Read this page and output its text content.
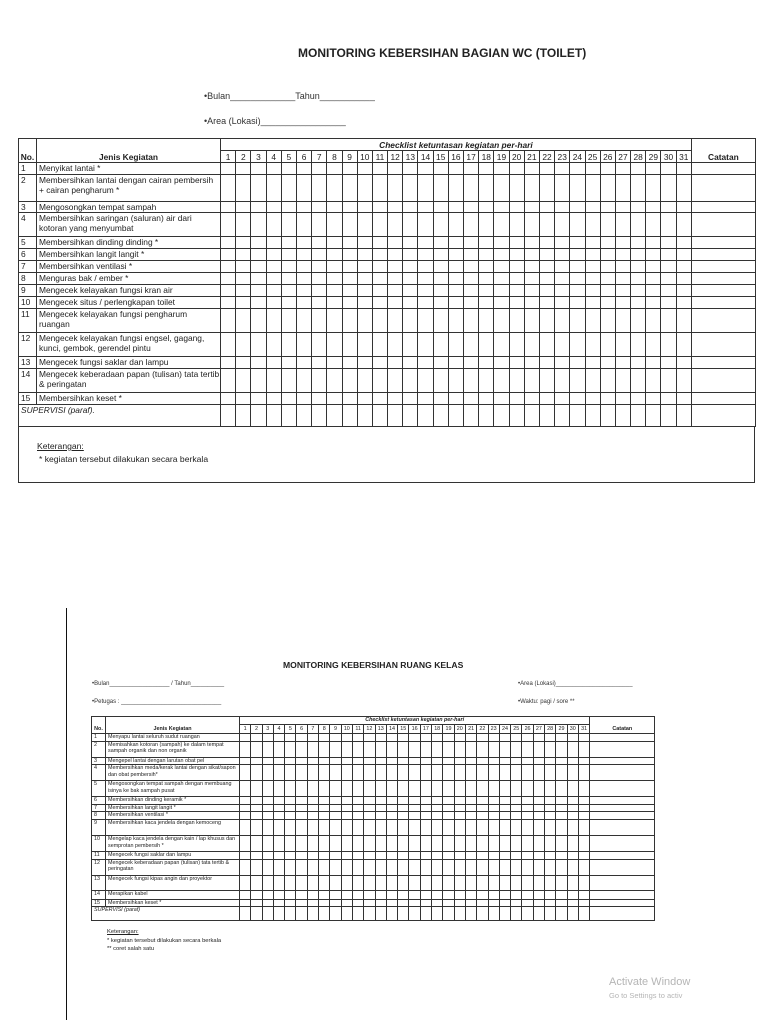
MONITORING KEBERSIHAN BAGIAN WC (TOILET)
•Bulan_____________Tahun___________
•Area (Lokasi)_________________
No.	Jenis Kegiatan	Checklist ketuntasan kegiatan per-hari																															Catatan
		1	2	3	4	5	6	7	8	9	10	11	12	13	14	15	16	17	18	19	20	21	22	23	24	25	26	27	28	29	30	31	
1	Menyikat lantai *																																
2	Membersihkan lantai dengan cairan pembersih + cairan pengharum *																																
3	Mengosongkan tempat sampah																																
4	Membersihkan saringan (saluran) air dari kotoran yang menyumbat																																
5	Membersihkan dinding dinding *																																
6	Membersihkan langit langit *																																
7	Membersihkan ventilasi *																																
8	Menguras bak / ember *																																
9	Mengecek kelayakan fungsi kran air																																
10	Mengecek situs / perlengkapan toilet																																
11	Mengecek kelayakan fungsi pengharum ruangan																																
12	Mengecek kelayakan fungsi engsel, gagang, kunci, gembok, gerendel pintu																																
13	Mengecek fungsi saklar dan lampu																																
14	Mengecek keberadaan papan (tulisan) tata tertib & peringatan																																
15	Membersihkan keset *																																
SUPERVISI (paraf).																																	
Keterangan:
* kegiatan tersebut dilakukan secara berkala
MONITORING KEBERSIHAN RUANG KELAS
•Bulan__________________ / Tahun__________
•Petugas : ______________________________
•Area (Lokasi)_______________________
•Waktu: pagi / sore **
No.	Jenis Kegiatan	Checklist ketuntasan kegiatan per-hari																															Catatan
		1	2	3	4	5	6	7	8	9	10	11	12	13	14	15	16	17	18	19	20	21	22	23	24	25	26	27	28	29	30	31	
1	Menyapu lantai seluruh sudut ruangan																																
2	Memisahkan kotoran (sampah) ke dalam tempat sampah organik dan non organik																																
3	Mengepel lantai dengan larutan obat pel																																
4	Membersihkan meda/kerak lantai dengan sikat/sapon dan obat pembersih*																																
5	Mengosongkan tempat sampah dengan membuang isinya ke bak sampah pusat																																
6	Membersihkan dinding keramik *																																
7	Membersihkan langit langit *																																
8	Membersihkan ventilasi *																																
9	Membersihkan kaca jendela dengan kemoceng																																
10	Mengelap kaca jendela dengan kain / lap khusus dan semprotan pembersih *																																
11	Mengecek fungsi saklar dan lampu																																
12	Mengecek keberadaan papan (tulisan) tata tertib & peringatan																																
13	Mengecek fungsi kipas angin dan proyektor																																
14	Merapikan kabel																																
15	Membersihkan keset *																																
SUPERVISI (paraf)																																	
Keterangan:
* kegiatan tersebut dilakukan secara berkala
** coret salah satu
Activate Window
Go to Settings to activ
